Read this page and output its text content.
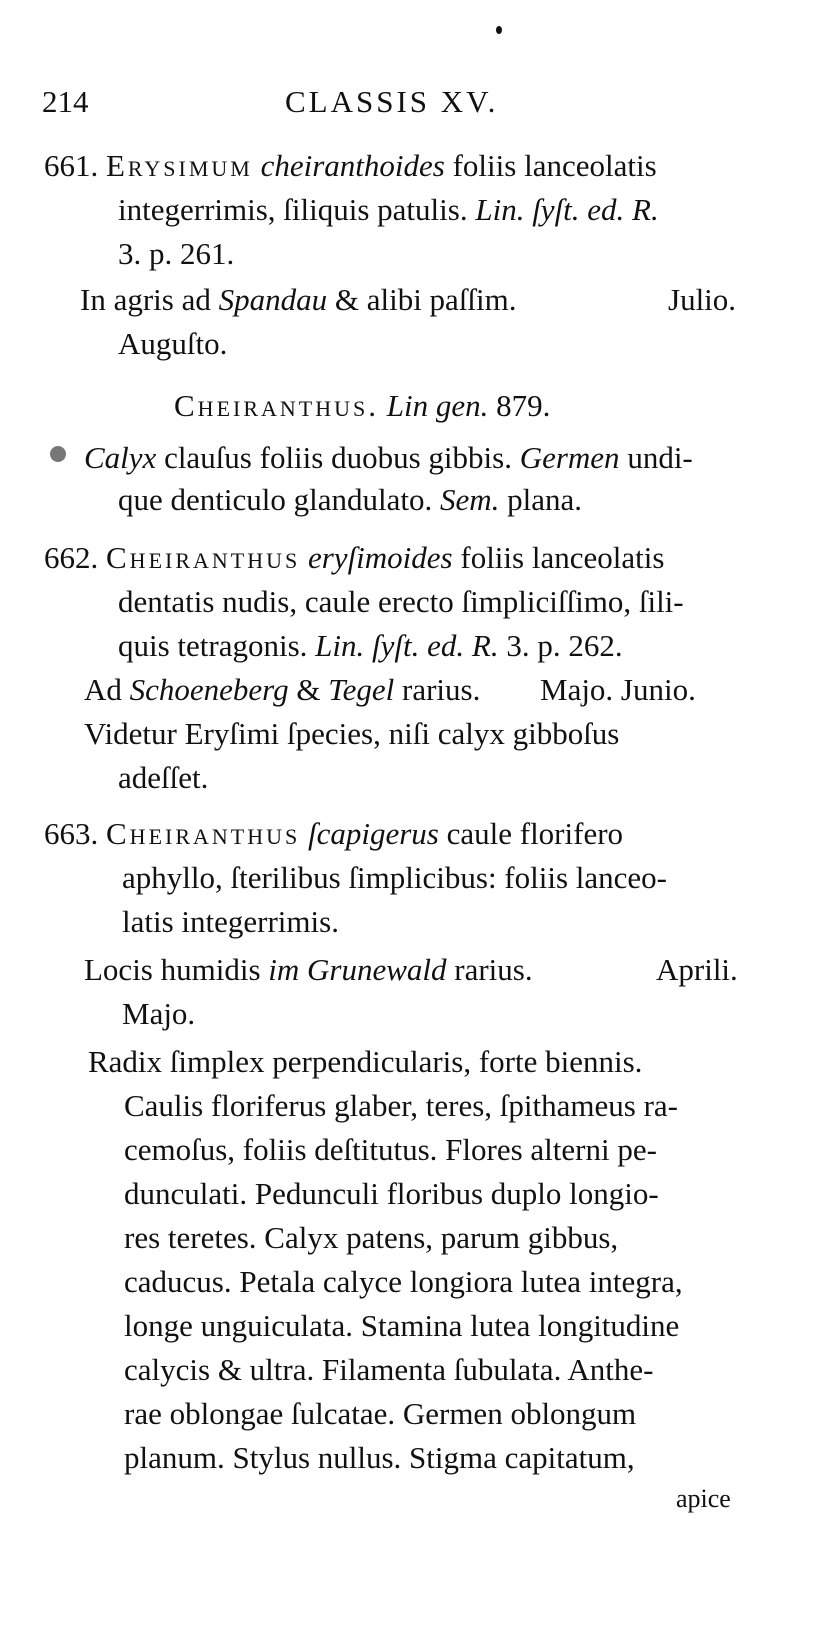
214	CLASSIS XV.
661. Erysimum cheiranthoides foliis lanceolatis
integerrimis, ſiliquis patulis. Lin. ſyſt. ed. R.
3. p. 261.
In agris ad Spandau & alibi paſſim.	Julio.
Auguſto.
Cheiranthus. Lin gen. 879.
Calyx clauſus foliis duobus gibbis. Germen undi-
que denticulo glandulato. Sem. plana.
662. Cheiranthus eryſimoides foliis lanceolatis
dentatis nudis, caule erecto ſimpliciſſimo, ſili-
quis tetragonis. Lin. ſyſt. ed. R. 3. p. 262.
Ad Schoeneberg & Tegel rarius. Majo. Junio.
Videtur Eryſimi ſpecies, niſi calyx gibboſus
adeſſet.
663. Cheiranthus ſcapigerus caule florifero
aphyllo, ſterilibus ſimplicibus: foliis lanceo-
latis integerrimis.
Locis humidis im Grunewald rarius.	Aprili.
Majo.
Radix ſimplex perpendicularis, forte biennis.
Caulis floriferus glaber, teres, ſpithameus ra-
cemoſus, foliis deſtitutus. Flores alterni pe-
dunculati. Pedunculi floribus duplo longio-
res teretes. Calyx patens, parum gibbus,
caducus. Petala calyce longiora lutea integra,
longe unguiculata. Stamina lutea longitudine
calycis & ultra. Filamenta ſubulata. Anthe-
rae oblongae ſulcatae. Germen oblongum
planum. Stylus nullus. Stigma capitatum,
apice
